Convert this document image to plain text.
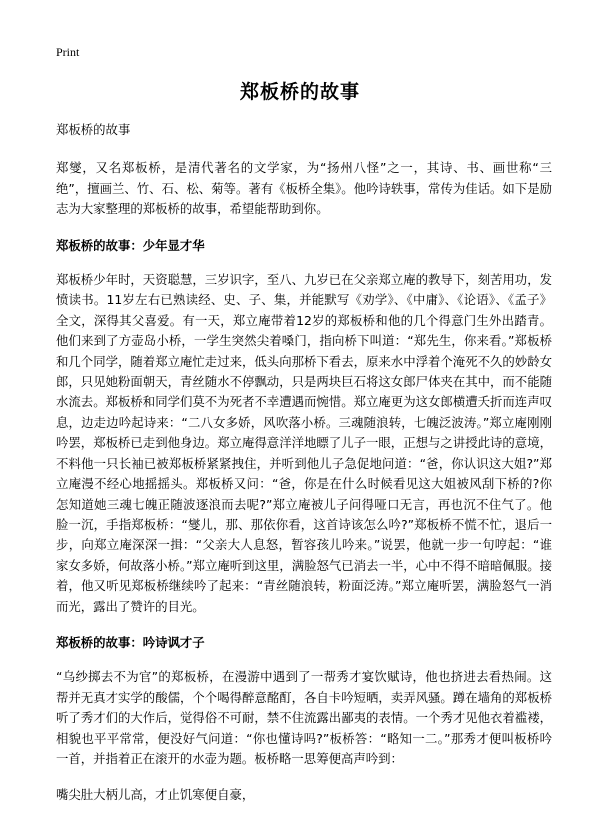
Print
郑板桥的故事

郑板桥的故事

郑燮，又名郑板桥，是清代著名的文学家，为“扬州八怪”之一，其诗、书、画世称“三绝”，擅画兰、竹、石、松、菊等。著有《板桥全集》。他吟诗轶事，常传为佳话。如下是励志为大家整理的郑板桥的故事，希望能帮助到你。

郑板桥的故事：少年显才华

郑板桥少年时，天资聪慧，三岁识字，至八、九岁已在父亲郑立庵的教导下，刻苦用功，发愤读书。11岁左右已熟读经、史、子、集，并能默写《劝学》、《中庸》、《论语》、《孟子》全文，深得其父喜爱。有一天，郑立庵带着12岁的郑板桥和他的几个得意门生外出踏青。他们来到了方壶岛小桥，一学生突然尖着嗓门，指向桥下叫道：“郑先生，你来看。”郑板桥和几个同学，随着郑立庵忙走过来，低头向那桥下看去，原来水中浮着个淹死不久的妙龄女郎，只见她粉面朝天，青丝随水不停飘动，只是两块巨石将这女郎尸体夹在其中，而不能随水流去。郑板桥和同学们莫不为死者不幸遭遇而惋惜。郑立庵更为这女郎横遭夭折而连声叹息，边走边吟起诗来：“二八女多娇，风吹落小桥。三魂随浪转，七魄泛波涛。”郑立庵刚刚吟罢，郑板桥已走到他身边。郑立庵得意洋洋地瞟了儿子一眼，正想与之讲授此诗的意境，不料他一只长袖已被郑板桥紧紧拽住，并听到他儿子急促地问道：“爸，你认识这大姐?”郑立庵漫不经心地摇摇头。郑板桥又问：“爸，你是在什么时候看见这大姐被风刮下桥的?你怎知道她三魂七魄正随波逐浪而去呢?”郑立庵被儿子问得哑口无言，再也沉不住气了。他脸一沉，手指郑板桥：“燮儿，那、那依你看，这首诗该怎么吟?”郑板桥不慌不忙，退后一步，向郑立庵深深一揖：“父亲大人息怒，暂容孩儿吟来。”说罢，他就一步一句哼起：“谁家女多娇，何故落小桥。”郑立庵听到这里，满脸怒气已消去一半，心中不得不暗暗佩服。接着，他又听见郑板桥继续吟了起来：“青丝随浪转，粉面泛涛。”郑立庵听罢，满脸怒气一消而光，露出了赞许的目光。

郑板桥的故事：吟诗讽才子

“乌纱掷去不为官”的郑板桥，在漫游中遇到了一帮秀才宴饮赋诗，他也挤进去看热闹。这帮并无真才实学的酸儒，个个喝得醉意酩酊，各自卡吟短晒，卖弄风骚。蹲在墙角的郑板桥听了秀才们的大作后，觉得俗不可耐，禁不住流露出鄙夷的表情。一个秀才见他衣着褴褛，相貌也平平常常，便没好气问道：“你也懂诗吗?”板桥答：“略知一二。”那秀才便叫板桥吟一首，并指着正在滚开的水壶为题。板桥略一思筹便高声吟到：

嘴尖肚大柄儿高，才止饥寒便自豪，
